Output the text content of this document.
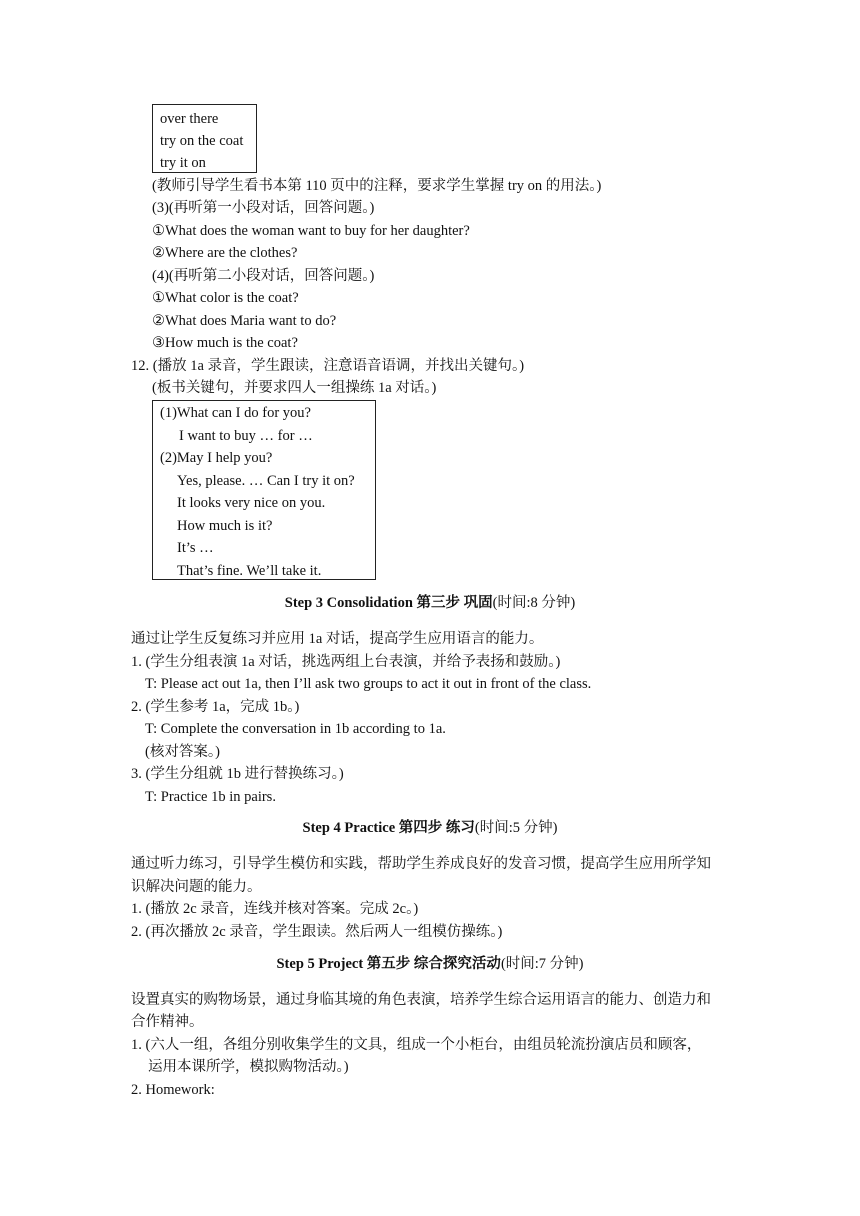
over there
try on the coat
try it on
(教师引导学生看书本第 110 页中的注释，要求学生掌握 try on 的用法。)
(3)(再听第一小段对话，回答问题。)
①What does the woman want to buy for her daughter?
②Where are the clothes?
(4)(再听第二小段对话，回答问题。)
①What color is the coat?
②What does Maria want to do?
③How much is the coat?
12. (播放 1a 录音，学生跟读，注意语音语调，并找出关键句。)
(板书关键句，并要求四人一组操练 1a 对话。)
(1)What can I do for you?
I want to buy … for …
(2)May I help you?
Yes, please. … Can I try it on?
It looks very nice on you.
How much is it?
It’s …
That’s fine. We’ll take it.
Step 3 Consolidation 第三步 巩固(时间:8 分钟)
通过让学生反复练习并应用 1a 对话，提高学生应用语言的能力。
1. (学生分组表演 1a 对话，挑选两组上台表演，并给予表扬和鼓励。)
T: Please act out 1a, then I’ll ask two groups to act it out in front of the class.
2. (学生参考 1a，完成 1b。)
T: Complete the conversation in 1b according to 1a.
(核对答案。)
3. (学生分组就 1b 进行替换练习。)
T: Practice 1b in pairs.
Step 4 Practice 第四步 练习(时间:5 分钟)
通过听力练习，引导学生模仿和实践，帮助学生养成良好的发音习惯，提高学生应用所学知
识解决问题的能力。
1. (播放 2c 录音，连线并核对答案。完成 2c。)
2. (再次播放 2c 录音，学生跟读。然后两人一组模仿操练。)
Step 5 Project 第五步 综合探究活动(时间:7 分钟)
设置真实的购物场景，通过身临其境的角色表演，培养学生综合运用语言的能力、创造力和
合作精神。
1. (六人一组，各组分别收集学生的文具，组成一个小柜台，由组员轮流扮演店员和顾客，
运用本课所学，模拟购物活动。)
2. Homework:
